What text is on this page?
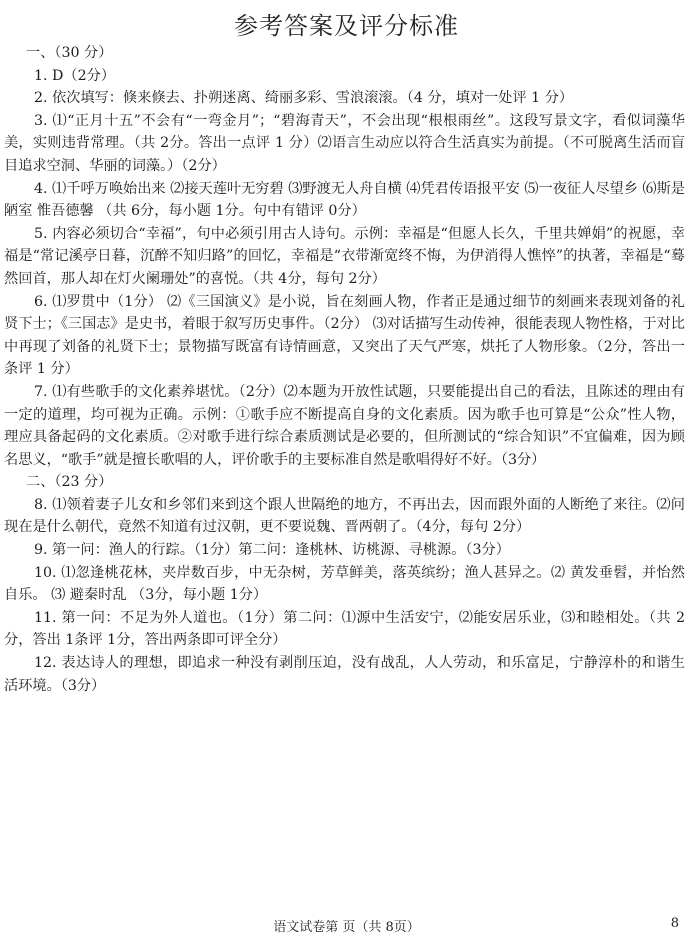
参考答案及评分标准

一、（30 分）

1. D（2分）

2. 依次填写：倏来倏去、扑朔迷离、绮丽多彩、雪浪滚滚。（4 分，填对一处评 1 分）

3. ⑴“正月十五”不会有“一弯金月”；“碧海青天”，不会出现“根根雨丝”。这段写景文字，看似词藻华美，实则违背常理。（共 2分。答出一点评 1 分）⑵语言生动应以符合生活真实为前提。（不可脱离生活而盲目追求空洞、华丽的词藻。）（2分）

4. ⑴千呼万唤始出来 ⑵接天莲叶无穷碧 ⑶野渡无人舟自横 ⑷凭君传语报平安 ⑸一夜征人尽望乡 ⑹斯是陋室 惟吾德馨 （共 6分，每小题 1分。句中有错评 0分）

5. 内容必须切合“幸福”，句中必须引用古人诗句。示例：幸福是“但愿人长久，千里共婵娟”的祝愿，幸福是“常记溪亭日暮，沉醉不知归路”的回忆，幸福是“衣带渐宽终不悔，为伊消得人憔悴”的执著，幸福是“蓦然回首，那人却在灯火阑珊处”的喜悦。（共 4分，每句 2分）

6. ⑴罗贯中（1分） ⑵《三国演义》是小说，旨在刻画人物，作者正是通过细节的刻画来表现刘备的礼贤下士；《三国志》是史书，着眼于叙写历史事件。（2分） ⑶对话描写生动传神，很能表现人物性格，于对比中再现了刘备的礼贤下士；景物描写既富有诗情画意，又突出了天气严寒，烘托了人物形象。（2分，答出一条评 1 分）

7. ⑴有些歌手的文化素养堪忧。（2分）⑵本题为开放性试题，只要能提出自己的看法，且陈述的理由有一定的道理，均可视为正确。示例：①歌手应不断提高自身的文化素质。因为歌手也可算是“公众”性人物，理应具备起码的文化素质。②对歌手进行综合素质测试是必要的，但所测试的“综合知识”不宜偏难，因为顾名思义，“歌手”就是擅长歌唱的人，评价歌手的主要标准自然是歌唱得好不好。（3分）

二、（23 分）

8. ⑴领着妻子儿女和乡邻们来到这个跟人世隔绝的地方，不再出去，因而跟外面的人断绝了来往。⑵问现在是什么朝代，竟然不知道有过汉朝，更不要说魏、晋两朝了。（4分，每句 2分）

9. 第一问：渔人的行踪。（1分）第二问：逢桃林、访桃源、寻桃源。（3分）

10. ⑴忽逢桃花林，夹岸数百步，中无杂树，芳草鲜美，落英缤纷；渔人甚异之。⑵ 黄发垂髫，并怡然自乐。 ⑶ 避秦时乱 （3分，每小题 1分）

11. 第一问：不足为外人道也。（1分）第二问：⑴源中生活安宁，⑵能安居乐业，⑶和睦相处。（共 2分，答出 1条评 1分，答出两条即可评全分）

12. 表达诗人的理想，即追求一种没有剥削压迫，没有战乱，人人劳动，和乐富足，宁静淳朴的和谐生活环境。（3分）

语文试卷第 页（共 8页）	8
